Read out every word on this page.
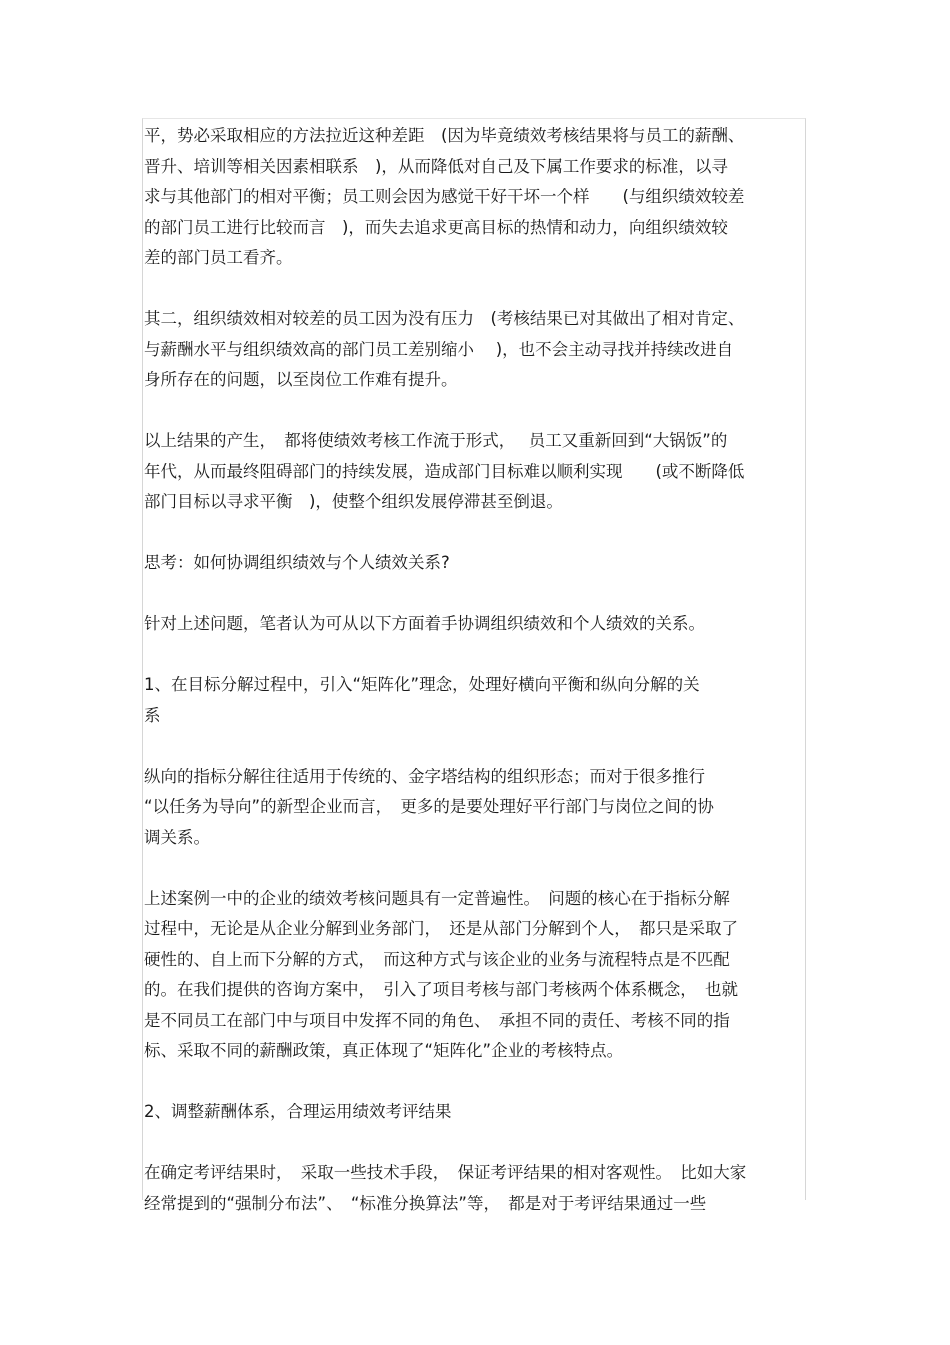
平，势必采取相应的方法拉近这种差距　(因为毕竟绩效考核结果将与员工的薪酬、
晋升、培训等相关因素相联系　)，从而降低对自己及下属工作要求的标准，以寻
求与其他部门的相对平衡；员工则会因为感觉干好干坏一个样　　(与组织绩效较差
的部门员工进行比较而言　)，而失去追求更高目标的热情和动力，向组织绩效较
差的部门员工看齐。
其二，组织绩效相对较差的员工因为没有压力　(考核结果已对其做出了相对肯定、
与薪酬水平与组织绩效高的部门员工差别缩小　 )，也不会主动寻找并持续改进自
身所存在的问题，以至岗位工作难有提升。
以上结果的产生，　都将使绩效考核工作流于形式，　 员工又重新回到“大锅饭”的
年代，从而最终阻碍部门的持续发展，造成部门目标难以顺利实现　　(或不断降低
部门目标以寻求平衡　)，使整个组织发展停滞甚至倒退。
思考：如何协调组织绩效与个人绩效关系?
针对上述问题，笔者认为可从以下方面着手协调组织绩效和个人绩效的关系。
1、在目标分解过程中，引入“矩阵化”理念，处理好横向平衡和纵向分解的关
系
纵向的指标分解往往适用于传统的、金字塔结构的组织形态；而对于很多推行
“以任务为导向”的新型企业而言，　更多的是要处理好平行部门与岗位之间的协
调关系。
上述案例一中的企业的绩效考核问题具有一定普遍性。　问题的核心在于指标分解
过程中，无论是从企业分解到业务部门，　还是从部门分解到个人，　都只是采取了
硬性的、自上而下分解的方式，　而这种方式与该企业的业务与流程特点是不匹配
的。在我们提供的咨询方案中，　引入了项目考核与部门考核两个体系概念，　也就
是不同员工在部门中与项目中发挥不同的角色、　承担不同的责任、考核不同的指
标、采取不同的薪酬政策，真正体现了“矩阵化”企业的考核特点。
2、调整薪酬体系，合理运用绩效考评结果
在确定考评结果时，　采取一些技术手段，　保证考评结果的相对客观性。　比如大家
经常提到的“强制分布法”、　“标准分换算法”等，　都是对于考评结果通过一些
